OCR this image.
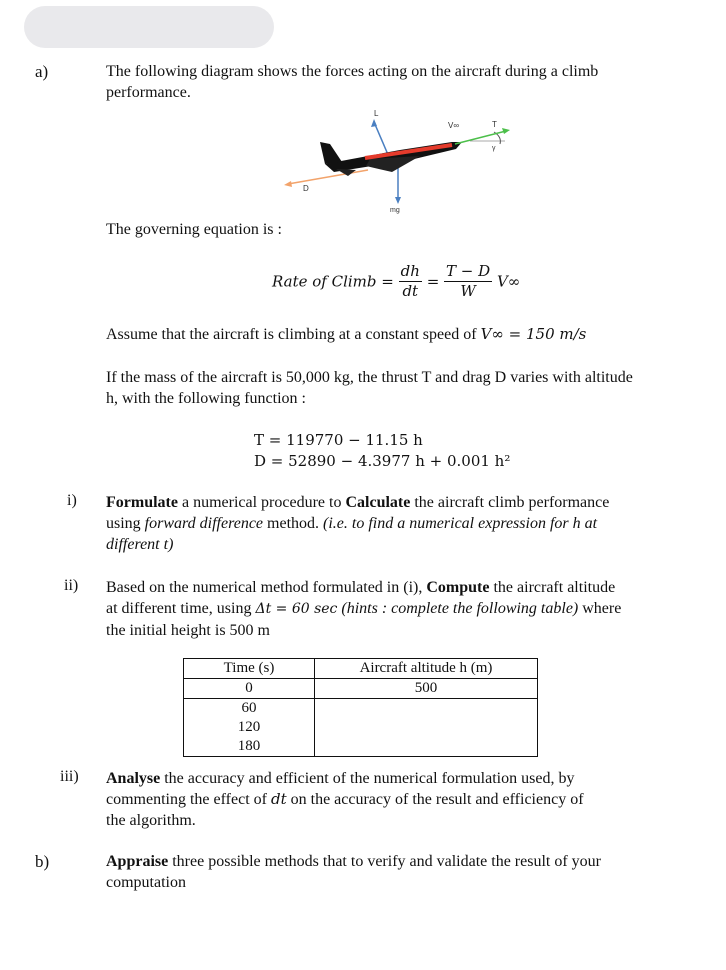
a)	The following diagram shows the forces acting on the aircraft during a climb
performance.
L
V∞	T
γ
D
mg
The governing equation is :
Rate of $Climb = \frac{dh}{dt} = \frac{T - D}{W} V\infty$
Assume that the aircraft is climbing at a constant speed of V∞ = 150 m/s
If the mass of the aircraft is 50,000 kg, the thrust T and drag D varies with altitude
h, with the following function :
T = 119770 − 11.15 h
D = 52890 − 4.3977 h + 0.001 h²
i) Formulate a numerical procedure to Calculate the aircraft climb performance
using forward difference method. (i.e. to find a numerical expression for h at
different t)
ii) Based on the numerical method formulated in (i), Compute the aircraft altitude
at different time, using Δt = 60 sec (hints : complete the following table) where
the initial height is 500 m
Time (s)	Aircraft altitude h (m)
0	500
60	
120	
180	
iii) Analyse the accuracy and efficient of the numerical formulation used, by
commenting the effect of dt on the accuracy of the result and efficiency of
the algorithm.
b)	Appraise three possible methods that to verify and validate the result of your
computation
